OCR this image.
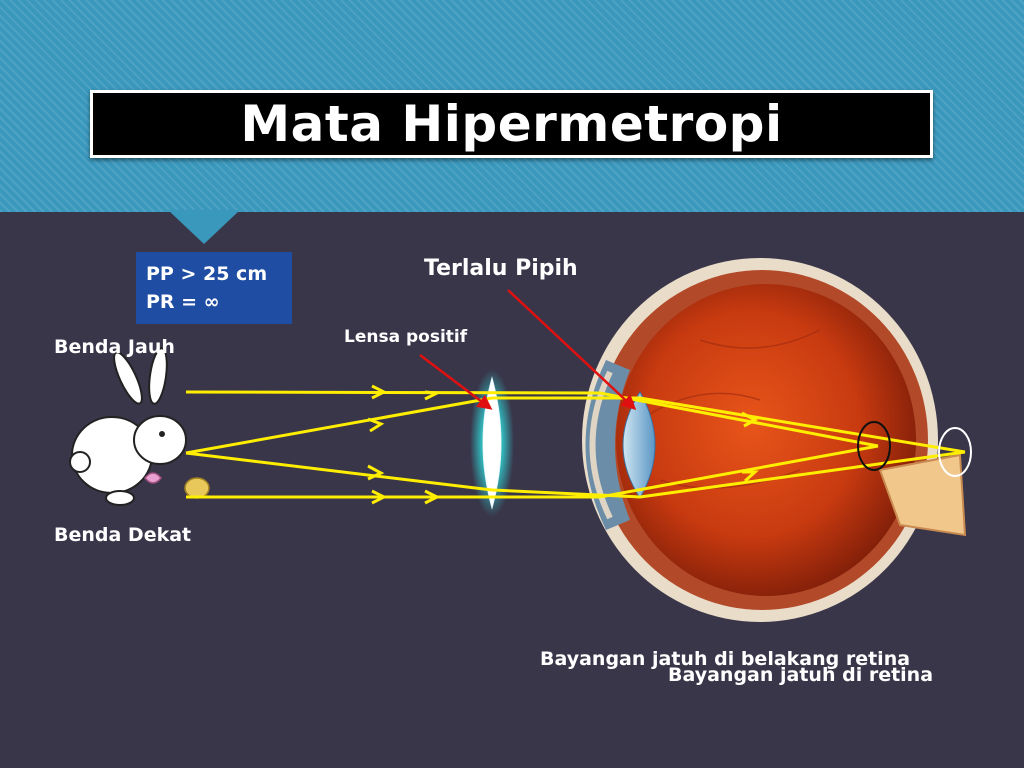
Mata Hipermetropi
PP > 25 cm
PR = ∞
Benda Jauh
Benda Dekat
Terlalu Pipih
Lensa positif
Bayangan jatuh di belakang retina
Bayangan jatuh di retina
